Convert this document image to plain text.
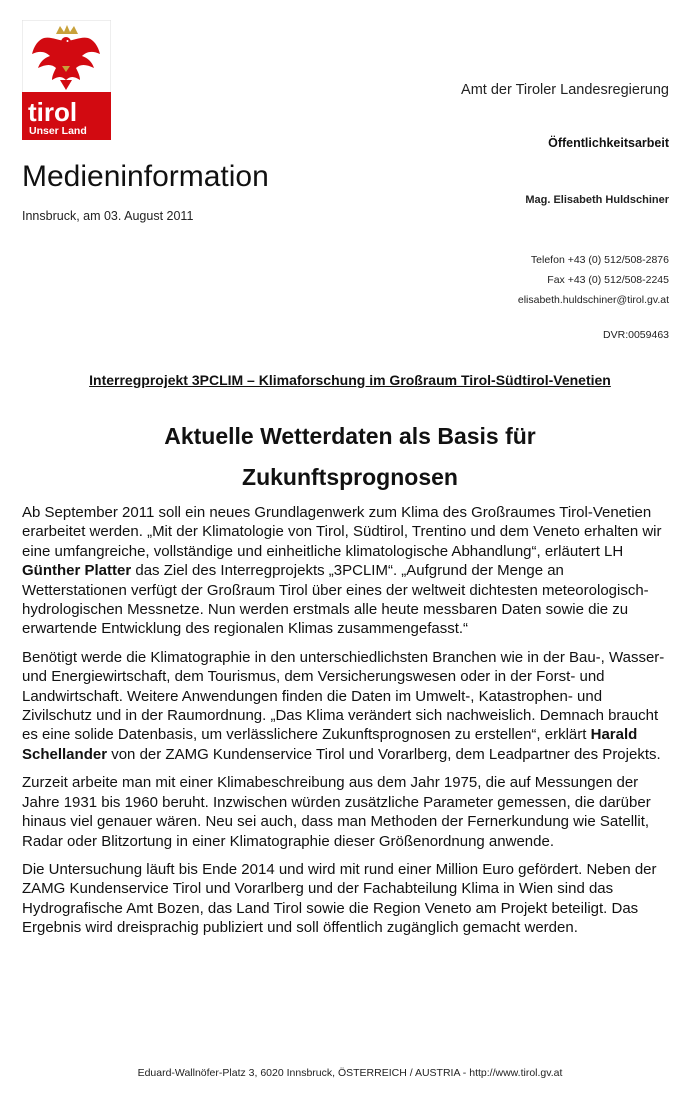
tirol
Unser Land
Amt der Tiroler Landesregierung
Öffentlichkeitsarbeit
Medieninformation
Innsbruck, am 03. August 2011
Mag. Elisabeth Huldschiner
Telefon +43 (0) 512/508-2876
Fax +43 (0) 512/508-2245
elisabeth.huldschiner@tirol.gv.at
DVR:0059463
Interregprojekt 3PCLIM – Klimaforschung im Großraum Tirol-Südtirol-Venetien
Aktuelle Wetterdaten als Basis für Zukunftsprognosen

Ab September 2011 soll ein neues Grundlagenwerk zum Klima des Großraumes Tirol-Venetien erarbeitet werden. „Mit der Klimatologie von Tirol, Südtirol, Trentino und dem Veneto erhalten wir eine umfangreiche, vollständige und einheitliche klimatologische Abhandlung“, erläutert LH Günther Platter das Ziel des Interregprojekts „3PCLIM“. „Aufgrund der Menge an Wetterstationen verfügt der Großraum Tirol über eines der weltweit dichtesten meteorologisch-hydrologischen Messnetze. Nun werden erstmals alle heute messbaren Daten sowie die zu erwartende Entwicklung des regionalen Klimas zusammengefasst.“

Benötigt werde die Klimatographie in den unterschiedlichsten Branchen wie in der Bau-, Wasser- und Energiewirtschaft, dem Tourismus, dem Versicherungswesen oder in der Forst- und Landwirtschaft. Weitere Anwendungen finden die Daten im Umwelt-, Katastrophen- und Zivilschutz und in der Raumordnung. „Das Klima verändert sich nachweislich. Demnach braucht es eine solide Datenbasis, um verlässlichere Zukunftsprognosen zu erstellen“, erklärt Harald Schellander von der ZAMG Kundenservice Tirol und Vorarlberg, dem Leadpartner des Projekts.

Zurzeit arbeite man mit einer Klimabeschreibung aus dem Jahr 1975, die auf Messungen der Jahre 1931 bis 1960 beruht. Inzwischen würden zusätzliche Parameter gemessen, die darüber hinaus viel genauer wären. Neu sei auch, dass man Methoden der Fernerkundung wie Satellit, Radar oder Blitzortung in einer Klimatographie dieser Größenordnung anwende.

Die Untersuchung läuft bis Ende 2014 und wird mit rund einer Million Euro gefördert. Neben der ZAMG Kundenservice Tirol und Vorarlberg und der Fachabteilung Klima in Wien sind das Hydrografische Amt Bozen, das Land Tirol sowie die Region Veneto am Projekt beteiligt. Das Ergebnis wird dreisprachig publiziert und soll öffentlich zugänglich gemacht werden.

Eduard-Wallnöfer-Platz 3, 6020 Innsbruck, ÖSTERREICH / AUSTRIA - http://www.tirol.gv.at
